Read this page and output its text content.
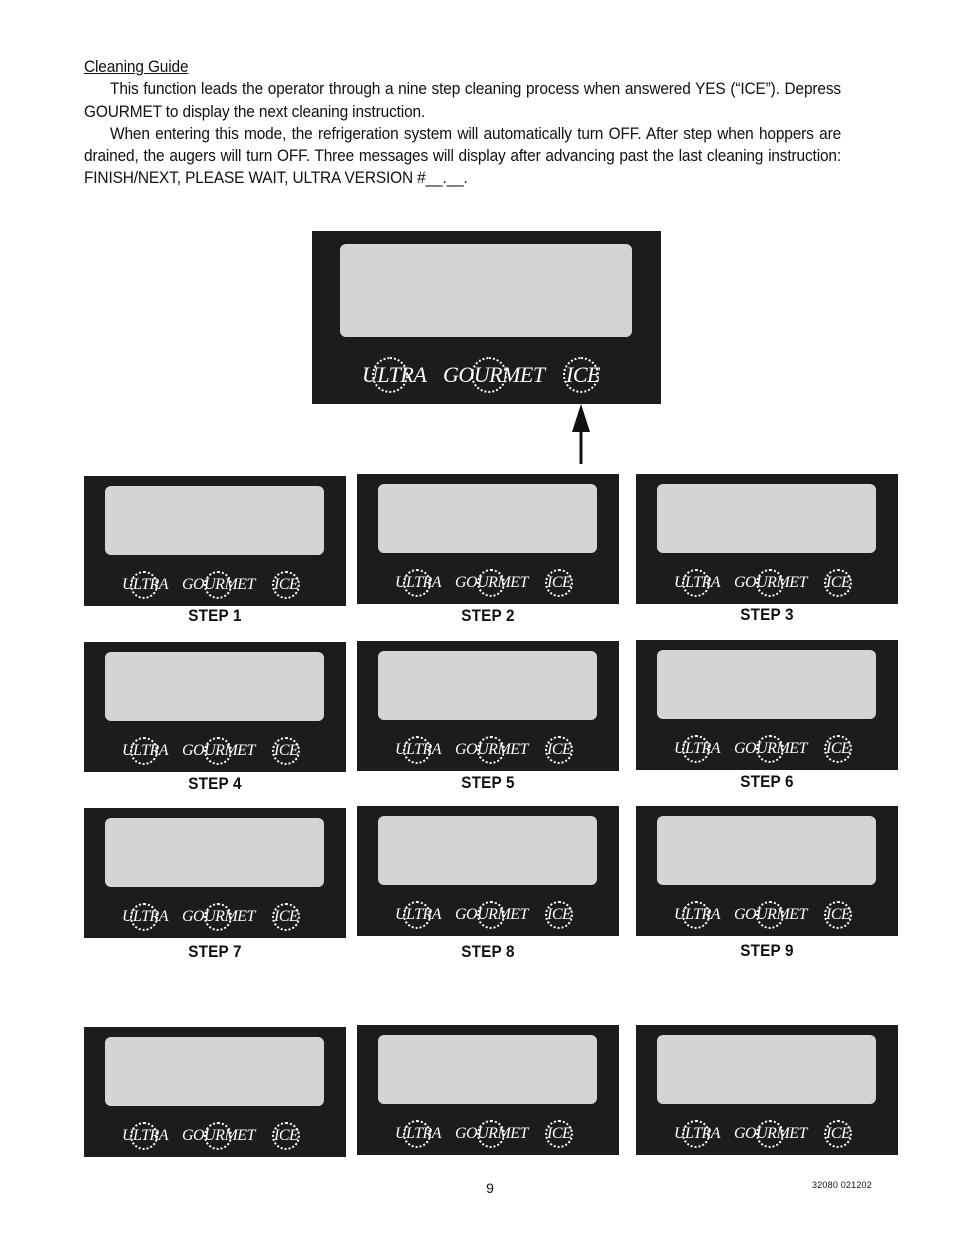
Cleaning Guide

This function leads the operator through a nine step cleaning process when answered YES (“ICE”). Depress GOURMET to display the next cleaning instruction.

When entering this mode, the refrigeration system will automatically turn OFF. After step when hoppers are drained, the augers will turn OFF. Three messages will display after advancing past the last cleaning instruction: FINISH/NEXT, PLEASE WAIT, ULTRA VERSION #__.__.

ULTRA GOURMET ICE
ULTRA GOURMET ICE
STEP 1
ULTRA GOURMET ICE
STEP 2
ULTRA GOURMET ICE
STEP 3
ULTRA GOURMET ICE
STEP 4
ULTRA GOURMET ICE
STEP 5
ULTRA GOURMET ICE
STEP 6
ULTRA GOURMET ICE
STEP 7
ULTRA GOURMET ICE
STEP 8
ULTRA GOURMET ICE
STEP 9
ULTRA GOURMET ICE	ULTRA GOURMET ICE	ULTRA GOURMET ICE
9	32080 021202
